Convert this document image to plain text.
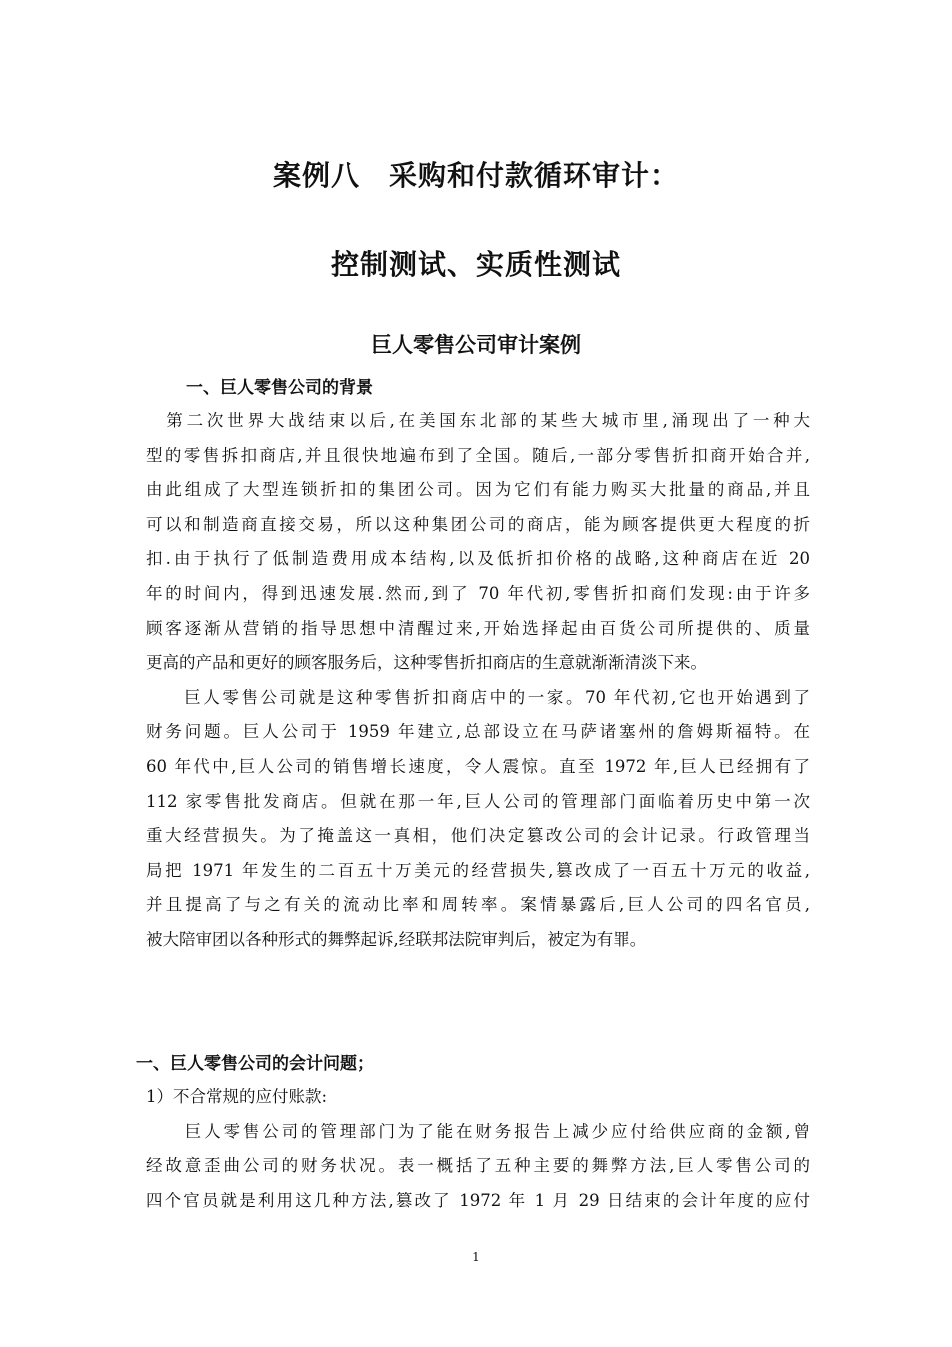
案例八　采购和付款循环审计：
控制测试、实质性测试
巨人零售公司审计案例
一、巨人零售公司的背景
　第二次世界大战结束以后,在美国东北部的某些大城市里,涌现出了一种大
型的零售拆扣商店,并且很快地遍布到了全国。随后,一部分零售折扣商开始合并,
由此组成了大型连锁折扣的集团公司。因为它们有能力购买大批量的商品,并且
可以和制造商直接交易，所以这种集团公司的商店，能为顾客提供更大程度的折
扣.由于执行了低制造费用成本结构,以及低折扣价格的战略,这种商店在近 20
年的时间内，得到迅速发展.然而,到了 70 年代初,零售折扣商们发现:由于许多
顾客逐渐从营销的指导思想中清醒过来,开始选择起由百货公司所提供的、质量
更高的产品和更好的顾客服务后，这种零售折扣商店的生意就渐渐清淡下来。
　　巨人零售公司就是这种零售折扣商店中的一家。70 年代初,它也开始遇到了
财务问题。巨人公司于 1959 年建立,总部设立在马萨诸塞州的詹姆斯福特。在
60 年代中,巨人公司的销售增长速度，令人震惊。直至 1972 年,巨人已经拥有了
112 家零售批发商店。但就在那一年,巨人公司的管理部门面临着历史中第一次
重大经营损失。为了掩盖这一真相，他们决定篡改公司的会计记录。行政管理当
局把 1971 年发生的二百五十万美元的经营损失,篡改成了一百五十万元的收益,
并且提高了与之有关的流动比率和周转率。案情暴露后,巨人公司的四名官员,
被大陪审团以各种形式的舞弊起诉,经联邦法院审判后，被定为有罪。
一、巨人零售公司的会计问题；
1）不合常规的应付账款:
　　巨人零售公司的管理部门为了能在财务报告上减少应付给供应商的金额,曾
经故意歪曲公司的财务状况。表一概括了五种主要的舞弊方法,巨人零售公司的
四个官员就是利用这几种方法,篡改了 1972 年 1 月 29 日结束的会计年度的应付
1
